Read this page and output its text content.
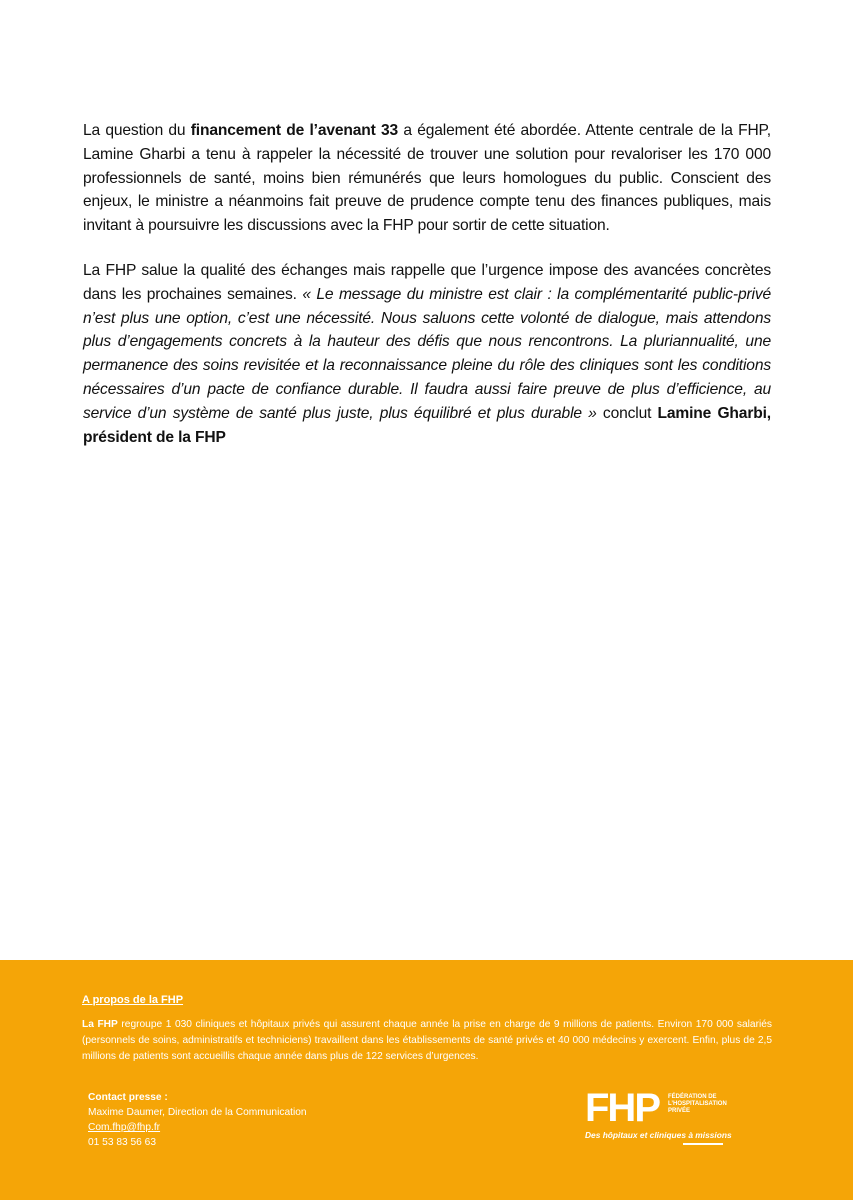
La question du financement de l’avenant 33 a également été abordée. Attente centrale de la FHP, Lamine Gharbi a tenu à rappeler la nécessité de trouver une solution pour revaloriser les 170 000 professionnels de santé, moins bien rémunérés que leurs homologues du public. Conscient des enjeux, le ministre a néanmoins fait preuve de prudence compte tenu des finances publiques, mais invitant à poursuivre les discussions avec la FHP pour sortir de cette situation.

La FHP salue la qualité des échanges mais rappelle que l’urgence impose des avancées concrètes dans les prochaines semaines. « Le message du ministre est clair : la complémentarité public-privé n’est plus une option, c’est une nécessité. Nous saluons cette volonté de dialogue, mais attendons plus d’engagements concrets à la hauteur des défis que nous rencontrons. La pluriannualité, une permanence des soins revisitée et la reconnaissance pleine du rôle des cliniques sont les conditions nécessaires d’un pacte de confiance durable. Il faudra aussi faire preuve de plus d’efficience, au service d’un système de santé plus juste, plus équilibré et plus durable » conclut Lamine Gharbi, président de la FHP

A propos de la FHP

La FHP regroupe 1 030 cliniques et hôpitaux privés qui assurent chaque année la prise en charge de 9 millions de patients. Environ 170 000 salariés (personnels de soins, administratifs et techniciens) travaillent dans les établissements de santé privés et 40 000 médecins y exercent. Enfin, plus de 2,5 millions de patients sont accueillis chaque année dans plus de 122 services d’urgences.

Contact presse :
Maxime Daumer, Direction de la Communication
Com.fhp@fhp.fr
01 53 83 56 63
FHP FÉDÉRATION DE
L’HOSPITALISATION
PRIVÉE
Des hôpitaux et cliniques à missions
